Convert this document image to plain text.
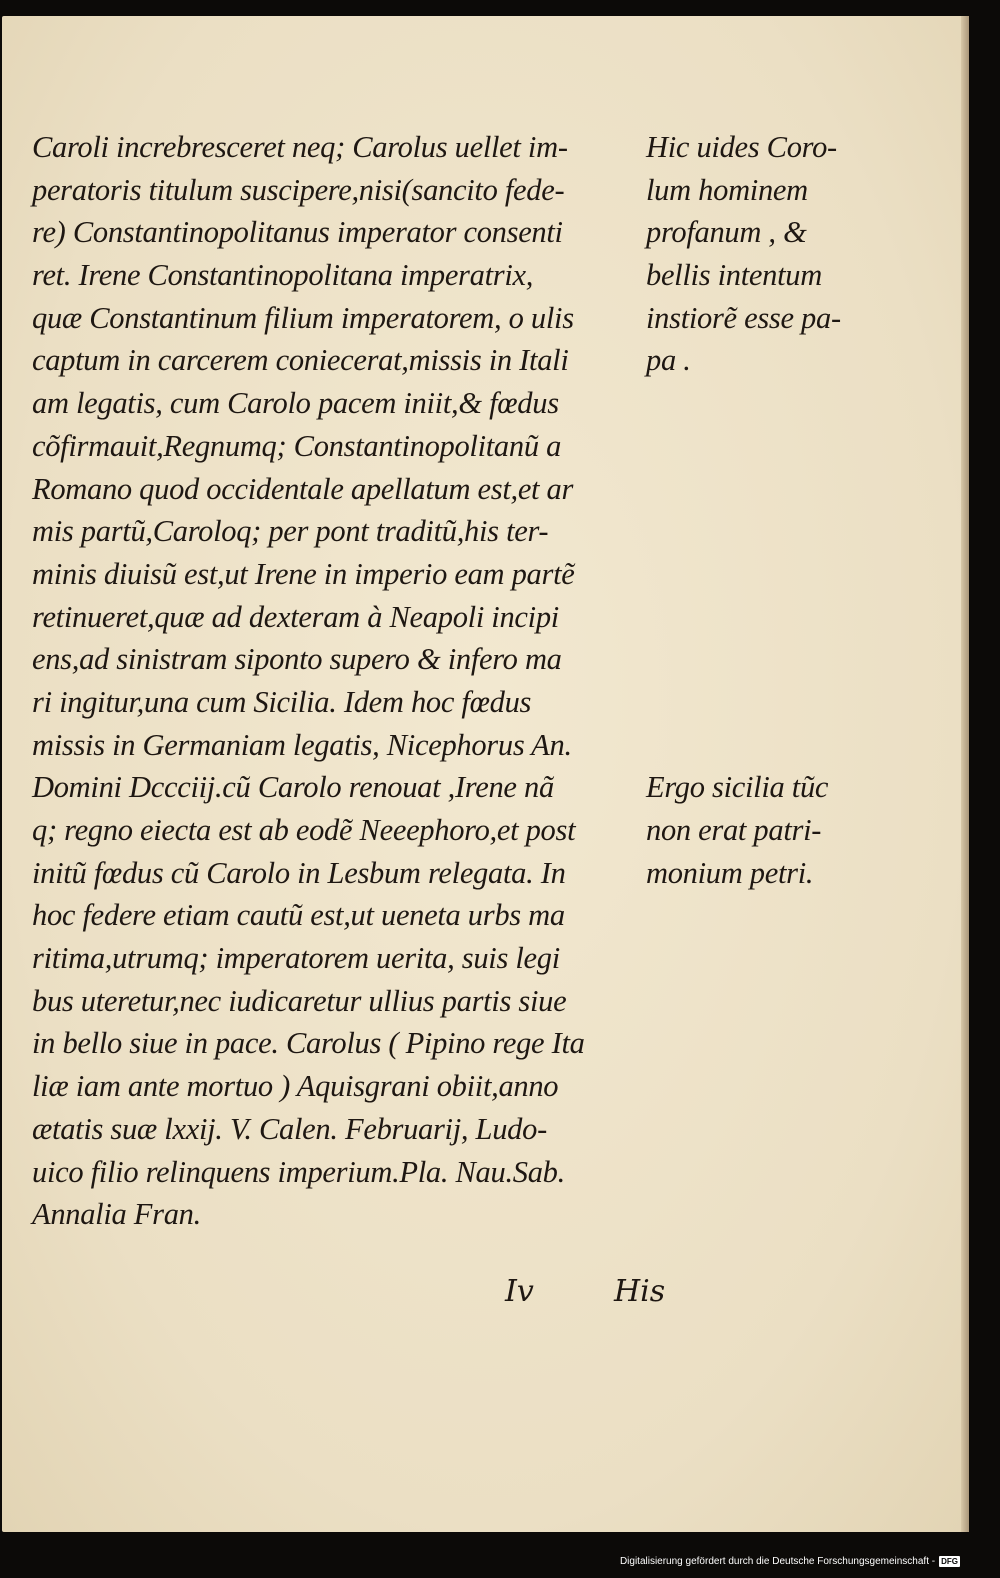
Caroli increbresceret neq; Carolus uellet im-
peratoris titulum suscipere,nisi(sancito fede-
re) Constantinopolitanus imperator consenti
ret. Irene Constantinopolitana imperatrix,
quæ Constantinum filium imperatorem, o ulis
captum in carcerem coniecerat,missis in Itali
am legatis, cum Carolo pacem iniit,& fœdus
cõfirmauit,Regnumq; Constantinopolitanũ a
Romano quod occidentale apellatum est,et ar
mis partũ,Caroloq; per pont traditũ,his ter-
minis diuisũ est,ut Irene in imperio eam partẽ
retinueret,quæ ad dexteram à Neapoli incipi
ens,ad sinistram siponto supero & infero ma
ri ingitur,una cum Sicilia. Idem hoc fœdus
missis in Germaniam legatis, Nicephorus An.
Domini Dccciij.cũ Carolo renouat ,Irene nã
q; regno eiecta est ab eodẽ Neeephoro,et post
initũ fœdus cũ Carolo in Lesbum relegata. In
hoc federe etiam cautũ est,ut ueneta urbs ma
ritima,utrumq; imperatorem uerita, suis legi
bus uteretur,nec iudicaretur ullius partis siue
in bello siue in pace. Carolus ( Pipino rege Ita
liæ iam ante mortuo ) Aquisgrani obiit,anno
ætatis suæ lxxij. V. Calen. Februarij, Ludo-
uico filio relinquens imperium.Pla. Nau.Sab.
Annalia Fran.
Hic uides Coro-
lum hominem
profanum , &
bellis intentum
instiorẽ esse pa-
pa .
Ergo sicilia tũc
non erat patri-
monium petri.
Iv	His
Digitalisierung gefördert durch die Deutsche Forschungsgemeinschaft - DFG
